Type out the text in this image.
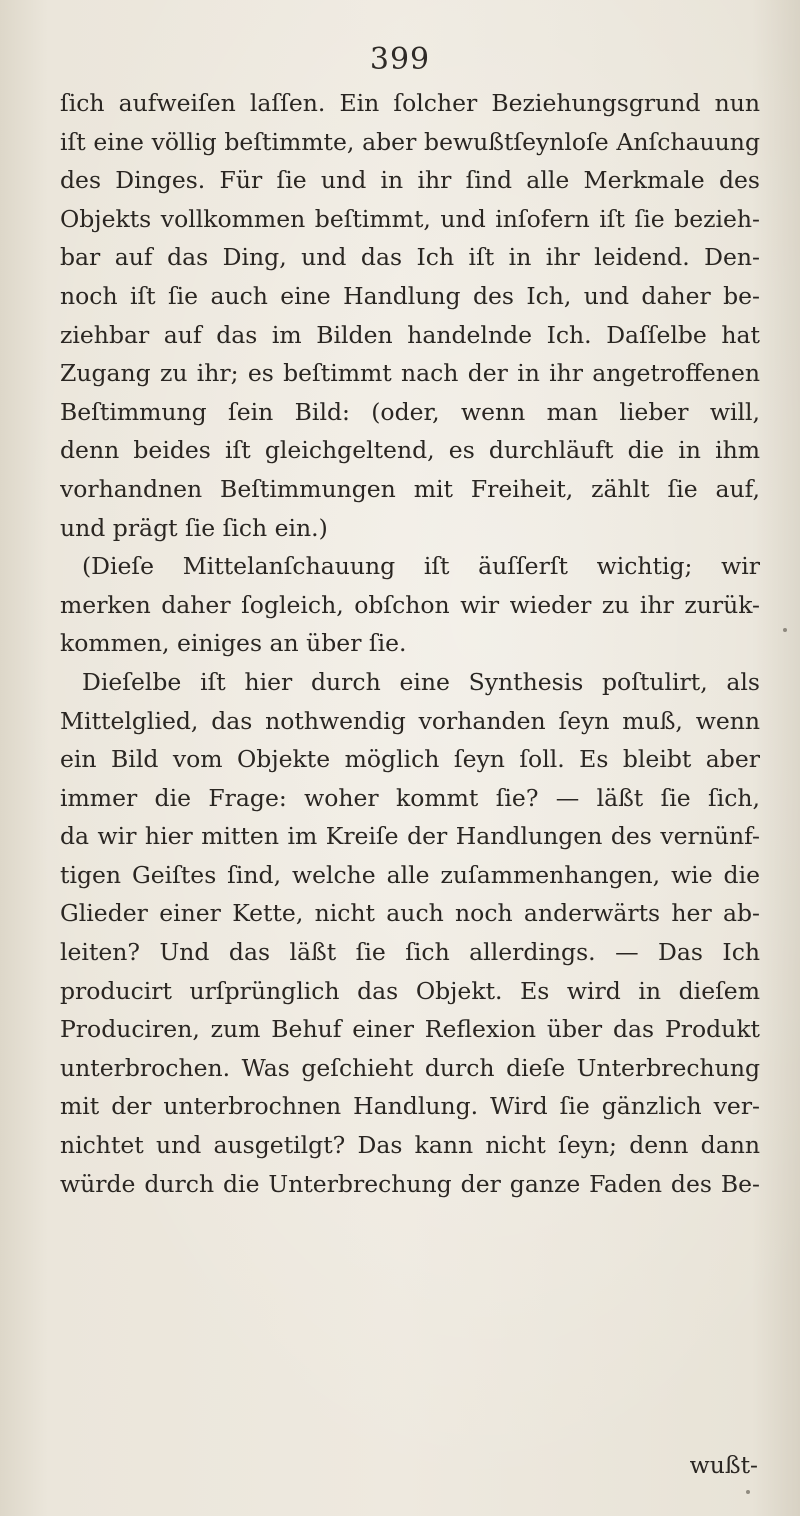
399
ſich aufweiſen laſſen. Ein ſolcher Beziehungsgrund nun
iſt eine völlig beſtimmte, aber bewußtſeynloſe Anſchauung
des Dinges. Für ſie und in ihr ſind alle Merkmale des
Objekts vollkommen beſtimmt, und inſofern iſt ſie bezieh-
bar auf das Ding, und das Ich iſt in ihr leidend. Den-
noch iſt ſie auch eine Handlung des Ich, und daher be-
ziehbar auf das im Bilden handelnde Ich. Daſſelbe hat
Zugang zu ihr; es beſtimmt nach der in ihr angetroffenen
Beſtimmung ſein Bild: (oder, wenn man lieber will,
denn beides iſt gleichgeltend, es durchläuft die in ihm
vorhandnen Beſtimmungen mit Freiheit, zählt ſie auf,
und prägt ſie ſich ein.)
(Dieſe Mittelanſchauung iſt äuſſerſt wichtig; wir
merken daher ſogleich, obſchon wir wieder zu ihr zurük-
kommen, einiges an über ſie.
Dieſelbe iſt hier durch eine Synthesis poſtulirt, als
Mittelglied, das nothwendig vorhanden ſeyn muß, wenn
ein Bild vom Objekte möglich ſeyn ſoll. Es bleibt aber
immer die Frage: woher kommt ſie? — läßt ſie ſich,
da wir hier mitten im Kreiſe der Handlungen des vernünf-
tigen Geiſtes ſind, welche alle zuſammenhangen, wie die
Glieder einer Kette, nicht auch noch anderwärts her ab-
leiten? Und das läßt ſie ſich allerdings. — Das Ich
producirt urſprünglich das Objekt. Es wird in dieſem
Produciren, zum Behuf einer Reflexion über das Produkt
unterbrochen. Was geſchieht durch dieſe Unterbrechung
mit der unterbrochnen Handlung. Wird ſie gänzlich ver-
nichtet und ausgetilgt? Das kann nicht ſeyn; denn dann
würde durch die Unterbrechung der ganze Faden des Be-
wußt-
